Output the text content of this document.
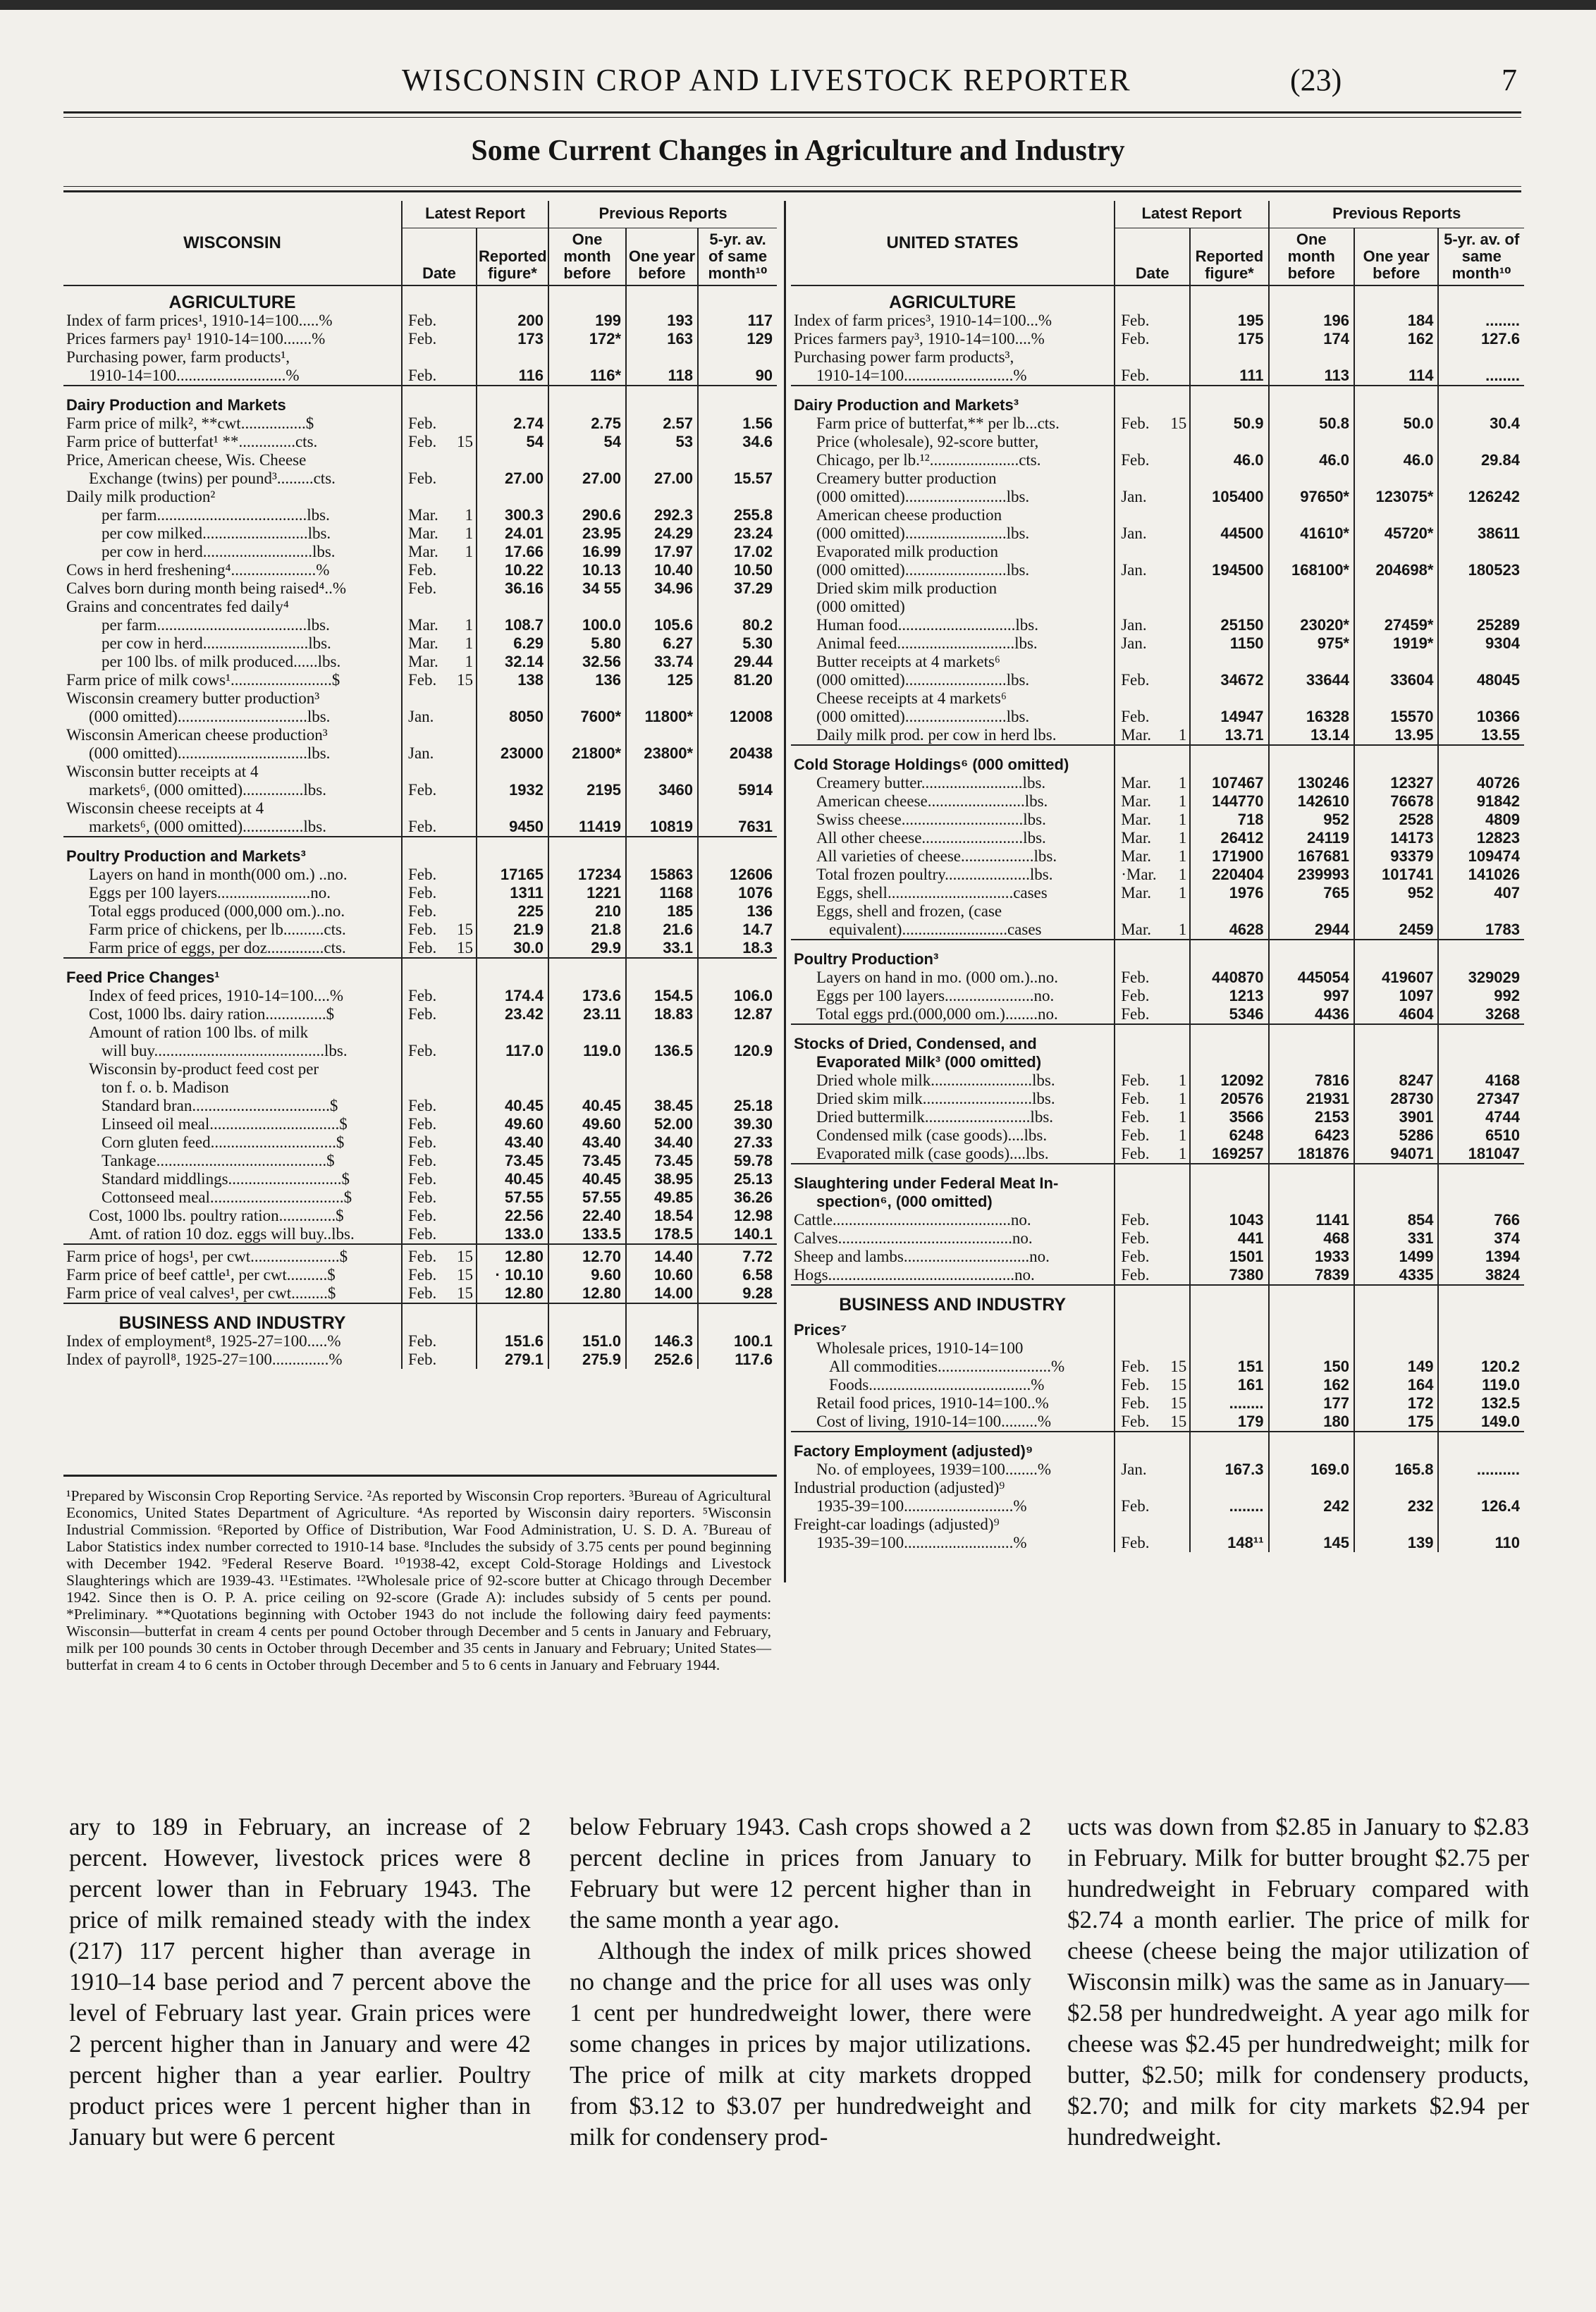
WISCONSIN CROP AND LIVESTOCK REPORTER	(23)	7
Some Current Changes in Agriculture and Industry
WISCONSIN	Latest Report		Previous Reports		
	Date	Reported figure*	One month before	One year before	5-yr. av. of same month¹⁰
AGRICULTURE					
Index of farm prices¹, 1910-14=100.....%	Feb.	200	199	193	117
Prices farmers pay¹ 1910-14=100.......%	Feb.	173	172*	163	129
Purchasing power, farm products¹,	

1910-14=100...........................%	Feb.	116	116*	118	90

Dairy Production and Markets					
Farm price of milk², **cwt................$	Feb.	2.74	2.75	2.57	1.56
Farm price of butterfat¹ **..............cts.	Feb. 15	54	54	53	34.6
Price, American cheese, Wis. Cheese	

Exchange (twins) per pound³.........cts.	Feb.	27.00	27.00	27.00	15.57
Daily milk production²	

per farm.....................................lbs.	Mar. 1	300.3	290.6	292.3	255.8
per cow milked..........................lbs.	Mar. 1	24.01	23.95	24.29	23.24
per cow in herd...........................lbs.	Mar. 1	17.66	16.99	17.97	17.02
Cows in herd freshening⁴.....................%	Feb.	10.22	10.13	10.40	10.50
Calves born during month being raised⁴..%	Feb.	36.16	34 55	34.96	37.29
Grains and concentrates fed daily⁴	

per farm.....................................lbs.	Mar. 1	108.7	100.0	105.6	80.2
per cow in herd..........................lbs.	Mar. 1	6.29	5.80	6.27	5.30
per 100 lbs. of milk produced......lbs.	Mar. 1	32.14	32.56	33.74	29.44
Farm price of milk cows¹.........................$	Feb. 15	138	136	125	81.20
Wisconsin creamery butter production³	

(000 omitted)................................lbs.	Jan.	8050	7600*	11800*	12008
Wisconsin American cheese production³	

(000 omitted)................................lbs.	Jan.	23000	21800*	23800*	20438
Wisconsin butter receipts at 4	

markets⁶, (000 omitted)...............lbs.	Feb.	1932	2195	3460	5914
Wisconsin cheese receipts at 4	

markets⁶, (000 omitted)...............lbs.	Feb.	9450	11419	10819	7631

Poultry Production and Markets³					
Layers on hand in month(000 om.) ..no.	Feb.	17165	17234	15863	12606
Eggs per 100 layers.......................no.	Feb.	1311	1221	1168	1076
Total eggs produced (000,000 om.)..no.	Feb.	225	210	185	136
Farm price of chickens, per lb..........cts.	Feb. 15	21.9	21.8	21.6	14.7
Farm price of eggs, per doz..............cts.	Feb. 15	30.0	29.9	33.1	18.3

Feed Price Changes¹					
Index of feed prices, 1910-14=100....%	Feb.	174.4	173.6	154.5	106.0
Cost, 1000 lbs. dairy ration...............$	Feb.	23.42	23.11	18.83	12.87
Amount of ration 100 lbs. of milk	

will buy..........................................lbs.	Feb.	117.0	119.0	136.5	120.9
Wisconsin by-product feed cost per	

ton f. o. b. Madison	

Standard bran..................................$	Feb.	40.45	40.45	38.45	25.18
Linseed oil meal................................$	Feb.	49.60	49.60	52.00	39.30
Corn gluten feed...............................$	Feb.	43.40	43.40	34.40	27.33
Tankage..........................................$	Feb.	73.45	73.45	73.45	59.78
Standard middlings............................$	Feb.	40.45	40.45	38.95	25.13
Cottonseed meal.................................$	Feb.	57.55	57.55	49.85	36.26
Cost, 1000 lbs. poultry ration..............$	Feb.	22.56	22.40	18.54	12.98
Amt. of ration 10 doz. eggs will buy..lbs.	Feb.	133.0	133.5	178.5	140.1

Farm price of hogs¹, per cwt......................$	Feb. 15	12.80	12.70	14.40	7.72
Farm price of beef cattle¹, per cwt..........$	Feb. 15	· 10.10	9.60	10.60	6.58
Farm price of veal calves¹, per cwt.........$	Feb. 15	12.80	12.80	14.00	9.28

BUSINESS AND INDUSTRY					
Index of employment⁸, 1925-27=100.....%	Feb.	151.6	151.0	146.3	100.1
Index of payroll⁸, 1925-27=100..............%	Feb.	279.1	275.9	252.6	117.6
UNITED STATES	Latest Report		Previous Reports		
	Date	Reported figure*	One month before	One year before	5-yr. av. of same month¹⁰
AGRICULTURE					
Index of farm prices³, 1910-14=100...%	Feb.	195	196	184	........
Prices farmers pay³, 1910-14=100....%	Feb.	175	174	162	127.6
Purchasing power farm products³,	

1910-14=100...........................%	Feb.	111	113	114	........

Dairy Production and Markets³					
Farm price of butterfat,** per lb...cts.	Feb. 15	50.9	50.8	50.0	30.4
Price (wholesale), 92-score butter,	

Chicago, per lb.¹²......................cts.	Feb.	46.0	46.0	46.0	29.84
Creamery butter production	

(000 omitted).........................lbs.	Jan.	105400	97650*	123075*	126242
American cheese production	

(000 omitted).........................lbs.	Jan.	44500	41610*	45720*	38611
Evaporated milk production	

(000 omitted).........................lbs.	Jan.	194500	168100*	204698*	180523
Dried skim milk production	

(000 omitted)	

Human food.............................lbs.	Jan.	25150	23020*	27459*	25289
Animal feed.............................lbs.	Jan.	1150	975*	1919*	9304
Butter receipts at 4 markets⁶	

(000 omitted).........................lbs.	Feb.	34672	33644	33604	48045
Cheese receipts at 4 markets⁶	

(000 omitted).........................lbs.	Feb.	14947	16328	15570	10366
Daily milk prod. per cow in herd lbs.	Mar. 1	13.71	13.14	13.95	13.55

Cold Storage Holdings⁶ (000 omitted)					
Creamery butter.........................lbs.	Mar. 1	107467	130246	12327	40726
American cheese........................lbs.	Mar. 1	144770	142610	76678	91842
Swiss cheese..............................lbs.	Mar. 1	718	952	2528	4809
All other cheese.........................lbs.	Mar. 1	26412	24119	14173	12823
All varieties of cheese..................lbs.	Mar. 1	171900	167681	93379	109474
Total frozen poultry.....................lbs.	·Mar. 1	220404	239993	101741	141026
Eggs, shell...............................cases	Mar. 1	1976	765	952	407
Eggs, shell and frozen, (case	

equivalent)..........................cases	Mar. 1	4628	2944	2459	1783

Poultry Production³					
Layers on hand in mo. (000 om.)..no.	Feb.	440870	445054	419607	329029
Eggs per 100 layers......................no.	Feb.	1213	997	1097	992
Total eggs prd.(000,000 om.)........no.	Feb.	5346	4436	4604	3268

Stocks of Dried, Condensed, and					
Evaporated Milk³ (000 omitted)					
Dried whole milk.........................lbs.	Feb. 1	12092	7816	8247	4168
Dried skim milk...........................lbs.	Feb. 1	20576	21931	28730	27347
Dried buttermilk..........................lbs.	Feb. 1	3566	2153	3901	4744
Condensed milk (case goods)....lbs.	Feb. 1	6248	6423	5286	6510
Evaporated milk (case goods)....lbs.	Feb. 1	169257	181876	94071	181047

Slaughtering under Federal Meat In-					
spection⁶, (000 omitted)					
Cattle............................................no.	Feb.	1043	1141	854	766
Calves...........................................no.	Feb.	441	468	331	374
Sheep and lambs...............................no.	Feb.	1501	1933	1499	1394
Hogs..............................................no.	Feb.	7380	7839	4335	3824

BUSINESS AND INDUSTRY					
Prices⁷					
Wholesale prices, 1910-14=100	

All commodities............................%	Feb. 15	151	150	149	120.2
Foods........................................%	Feb. 15	161	162	164	119.0
Retail food prices, 1910-14=100..%	Feb. 15	........	177	172	132.5
Cost of living, 1910-14=100.........%	Feb. 15	179	180	175	149.0

Factory Employment (adjusted)⁹					
No. of employees, 1939=100........%	Jan.	167.3	169.0	165.8	..........
Industrial production (adjusted)⁹	

1935-39=100...........................%	Feb.	........	242	232	126.4
Freight-car loadings (adjusted)⁹	

1935-39=100...........................%	Feb.	148¹¹	145	139	110

¹Prepared by Wisconsin Crop Reporting Service. ²As reported by Wisconsin Crop reporters. ³Bureau of Agricultural Economics, United States Department of Agriculture. ⁴As reported by Wisconsin dairy reporters. ⁵Wisconsin Industrial Commission. ⁶Reported by Office of Distribution, War Food Administration, U. S. D. A. ⁷Bureau of Labor Statistics index number corrected to 1910-14 base. ⁸Includes the subsidy of 3.75 cents per pound beginning with December 1942. ⁹Federal Reserve Board. ¹⁰1938-42, except Cold-Storage Holdings and Livestock Slaughterings which are 1939-43. ¹¹Estimates. ¹²Wholesale price of 92-score butter at Chicago through December 1942. Since then is O. P. A. price ceiling on 92-score (Grade A): includes subsidy of 5 cents per pound. *Preliminary. **Quotations beginning with October 1943 do not include the following dairy feed payments: Wisconsin—butterfat in cream 4 cents per pound October through December and 5 cents in January and February, milk per 100 pounds 30 cents in October through December and 35 cents in January and February; United States—butterfat in cream 4 to 6 cents in October through December and 5 to 6 cents in January and February 1944.

ary to 189 in February, an increase of 2 percent. However, livestock prices were 8 percent lower than in February 1943. The price of milk remained steady with the index (217) 117 percent higher than average in 1910–14 base period and 7 percent above the level of February last year. Grain prices were 2 percent higher than in January and were 42 percent higher than a year earlier. Poultry product prices were 1 percent higher than in January but were 6 percent

below February 1943. Cash crops showed a 2 percent decline in prices from January to February but were 12 percent higher than in the same month a year ago.

Although the index of milk prices showed no change and the price for all uses was only 1 cent per hundredweight lower, there were some changes in prices by major utilizations. The price of milk at city markets dropped from $3.12 to $3.07 per hundredweight and milk for condensery prod-

ucts was down from $2.85 in January to $2.83 in February. Milk for butter brought $2.75 per hundredweight in February compared with $2.74 a month earlier. The price of milk for cheese (cheese being the major utilization of Wisconsin milk) was the same as in January—$2.58 per hundredweight. A year ago milk for cheese was $2.45 per hundredweight; milk for butter, $2.50; milk for condensery products, $2.70; and milk for city markets $2.94 per hundredweight.
